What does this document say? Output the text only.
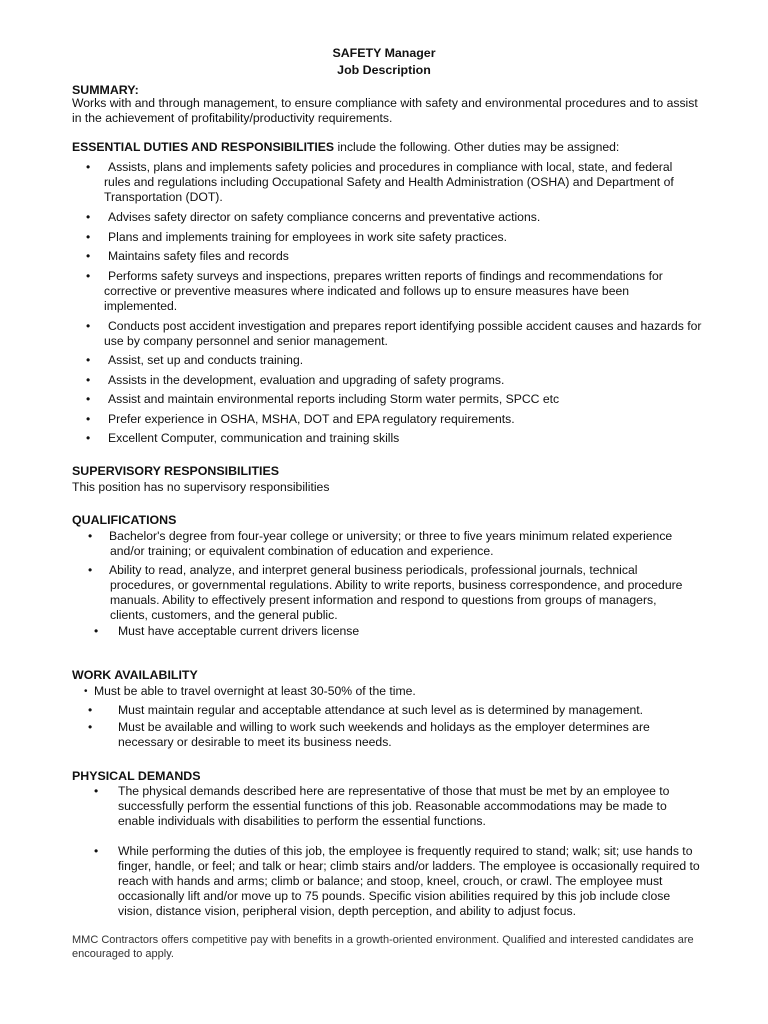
SAFETY Manager
Job Description
SUMMARY:
Works with and through management, to ensure compliance with safety and environmental procedures and to assist in the achievement of profitability/productivity requirements.
ESSENTIAL DUTIES AND RESPONSIBILITIES include the following. Other duties may be assigned:
•	Assists, plans and implements safety policies and procedures in compliance with local, state, and federal rules and regulations including Occupational Safety and Health Administration (OSHA) and Department of Transportation (DOT).
•	Advises safety director on safety compliance concerns and preventative actions.
•	Plans and implements training for employees in work site safety practices.
•	Maintains safety files and records
•	Performs safety surveys and inspections, prepares written reports of findings and recommendations for corrective or preventive measures where indicated and follows up to ensure measures have been implemented.
•	Conducts post accident investigation and prepares report identifying possible accident causes and hazards for use by company personnel and senior management.
•	Assist, set up and conducts training.
•	Assists in the development, evaluation and upgrading of safety programs.
•	Assist and maintain environmental reports including Storm water permits, SPCC etc
•	Prefer experience in OSHA, MSHA, DOT and EPA regulatory requirements.
•	Excellent Computer, communication and training skills
SUPERVISORY RESPONSIBILITIES
This position has no supervisory responsibilities
QUALIFICATIONS
• Bachelor's degree from four-year college or university; or three to five years minimum related experience and/or training; or equivalent combination of education and experience.
• Ability to read, analyze, and interpret general business periodicals, professional journals, technical procedures, or governmental regulations. Ability to write reports, business correspondence, and procedure manuals. Ability to effectively present information and respond to questions from groups of managers, clients, customers, and the general public.
• Must have acceptable current drivers license
WORK AVAILABILITY
• Must be able to travel overnight at least 30-50% of the time.
• Must maintain regular and acceptable attendance at such level as is determined by management.
• Must be available and willing to work such weekends and holidays as the employer determines are necessary or desirable to meet its business needs.
PHYSICAL DEMANDS
• The physical demands described here are representative of those that must be met by an employee to successfully perform the essential functions of this job. Reasonable accommodations may be made to enable individuals with disabilities to perform the essential functions.
• While performing the duties of this job, the employee is frequently required to stand; walk; sit; use hands to finger, handle, or feel; and talk or hear; climb stairs and/or ladders. The employee is occasionally required to reach with hands and arms; climb or balance; and stoop, kneel, crouch, or crawl. The employee must occasionally lift and/or move up to 75 pounds. Specific vision abilities required by this job include close vision, distance vision, peripheral vision, depth perception, and ability to adjust focus.
MMC Contractors offers competitive pay with benefits in a growth-oriented environment. Qualified and interested candidates are encouraged to apply.
